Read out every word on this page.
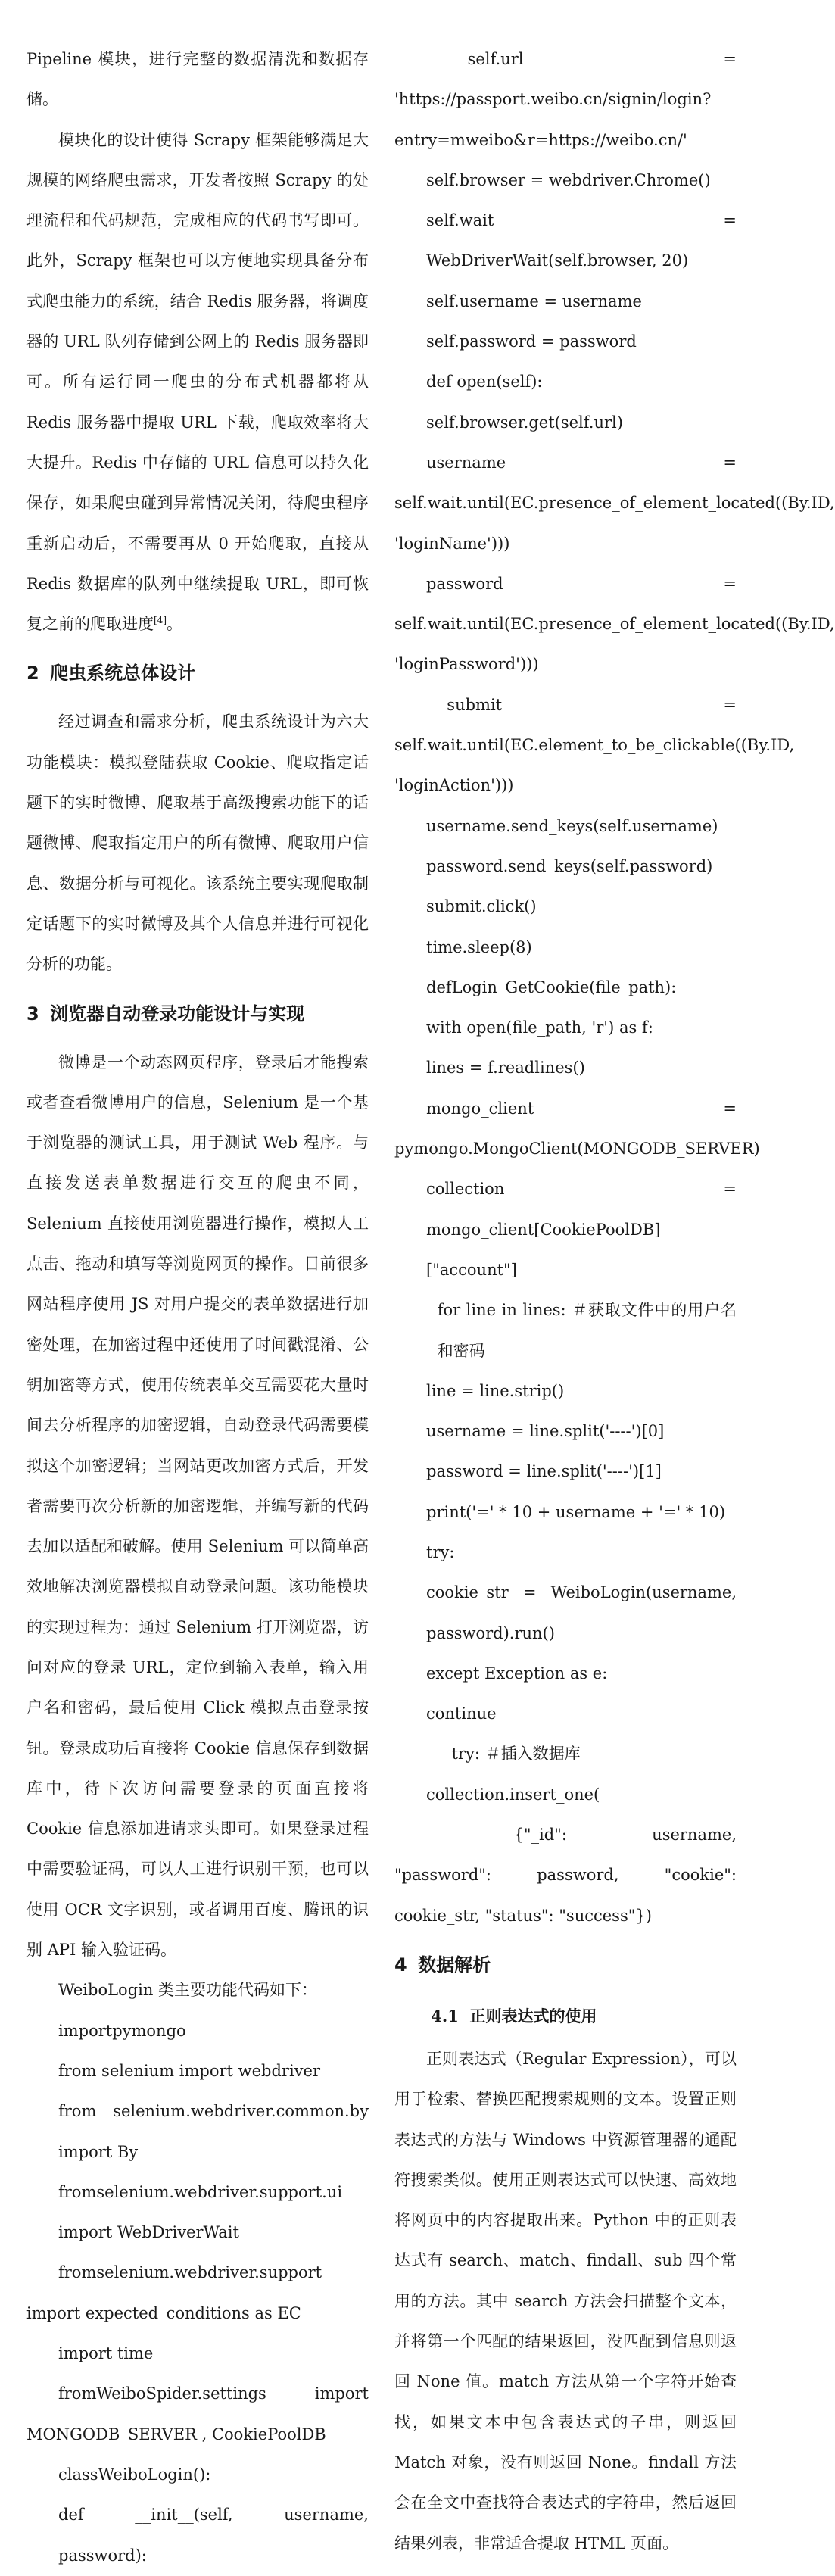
Pipeline 模块，进行完整的数据清洗和数据存储。

模块化的设计使得 Scrapy 框架能够满足大规模的网络爬虫需求，开发者按照 Scrapy 的处理流程和代码规范，完成相应的代码书写即可。此外，Scrapy 框架也可以方便地实现具备分布式爬虫能力的系统，结合 Redis 服务器，将调度器的 URL 队列存储到公网上的 Redis 服务器即可。所有运行同一爬虫的分布式机器都将从 Redis 服务器中提取 URL 下载，爬取效率将大大提升。Redis 中存储的 URL 信息可以持久化保存，如果爬虫碰到异常情况关闭，待爬虫程序重新启动后，不需要再从 0 开始爬取，直接从 Redis 数据库的队列中继续提取 URL，即可恢复之前的爬取进度[4]。

2 爬虫系统总体设计

经过调查和需求分析，爬虫系统设计为六大功能模块：模拟登陆获取 Cookie、爬取指定话题下的实时微博、爬取基于高级搜索功能下的话题微博、爬取指定用户的所有微博、爬取用户信息、数据分析与可视化。该系统主要实现爬取制定话题下的实时微博及其个人信息并进行可视化分析的功能。

3 浏览器自动登录功能设计与实现

微博是一个动态网页程序，登录后才能搜索或者查看微博用户的信息，Selenium 是一个基于浏览器的测试工具，用于测试 Web 程序。与直接发送表单数据进行交互的爬虫不同，Selenium 直接使用浏览器进行操作，模拟人工点击、拖动和填写等浏览网页的操作。目前很多网站程序使用 JS 对用户提交的表单数据进行加密处理，在加密过程中还使用了时间戳混淆、公钥加密等方式，使用传统表单交互需要花大量时间去分析程序的加密逻辑，自动登录代码需要模拟这个加密逻辑；当网站更改加密方式后，开发者需要再次分析新的加密逻辑，并编写新的代码去加以适配和破解。使用 Selenium 可以简单高效地解决浏览器模拟自动登录问题。该功能模块的实现过程为：通过 Selenium 打开浏览器，访问对应的登录 URL，定位到输入表单，输入用户名和密码，最后使用 Click 模拟点击登录按钮。登录成功后直接将 Cookie 信息保存到数据库中，待下次访问需要登录的页面直接将 Cookie 信息添加进请求头即可。如果登录过程中需要验证码，可以人工进行识别干预，也可以使用 OCR 文字识别，或者调用百度、腾讯的识别 API 输入验证码。

WeiboLogin 类主要功能代码如下：

importpymongo

from selenium import webdriver

from selenium.webdriver.common.by import By

fromselenium.webdriver.support.ui import WebDriverWait

fromselenium.webdriver.support import expected_conditions as EC

import time

fromWeiboSpider.settings import MONGODB_SERVER , CookiePoolDB

classWeiboLogin():

def __init__(self, username, password):

self.url = 'https://passport.weibo.cn/signin/login?entry=mweibo&r=https://weibo.cn/'

self.browser = webdriver.Chrome()

self.wait = WebDriverWait(self.browser, 20)

self.username = username

self.password = password

def open(self):

self.browser.get(self.url)

username = self.wait.until(EC.presence_of_element_located((By.ID, 'loginName')))

password = self.wait.until(EC.presence_of_element_located((By.ID, 'loginPassword')))

submit = self.wait.until(EC.element_to_be_clickable((By.ID, 'loginAction')))

username.send_keys(self.username)

password.send_keys(self.password)

submit.click()

time.sleep(8)

defLogin_GetCookie(file_path):

with open(file_path, 'r') as f:

lines = f.readlines()

mongo_client = pymongo.MongoClient(MONGODB_SERVER)

collection = mongo_client[CookiePoolDB]["account"]

for line in lines: ＃获取文件中的用户名和密码

line = line.strip()

username = line.split('----')[0]

password = line.split('----')[1]

print('=' * 10 + username + '=' * 10)

try:

cookie_str = WeiboLogin(username, password).run()

except Exception as e:

continue

try: ＃插入数据库

collection.insert_one(

{"_id": username, "password": password, "cookie": cookie_str, "status": "success"})

4 数据解析
4.1 正则表达式的使用

正则表达式（Regular Expression），可以用于检索、替换匹配搜索规则的文本。设置正则表达式的方法与 Windows 中资源管理器的通配符搜索类似。使用正则表达式可以快速、高效地将网页中的内容提取出来。Python 中的正则表达式有 search、match、findall、sub 四个常用的方法。其中 search 方法会扫描整个文本，并将第一个匹配的结果返回，没匹配到信息则返回 None 值。match 方法从第一个字符开始查找，如果文本中包含表达式的子串，则返回 Match 对象，没有则返回 None。findall 方法会在全文中查找符合表达式的字符串，然后返回结果列表，非常适合提取 HTML 页面。
